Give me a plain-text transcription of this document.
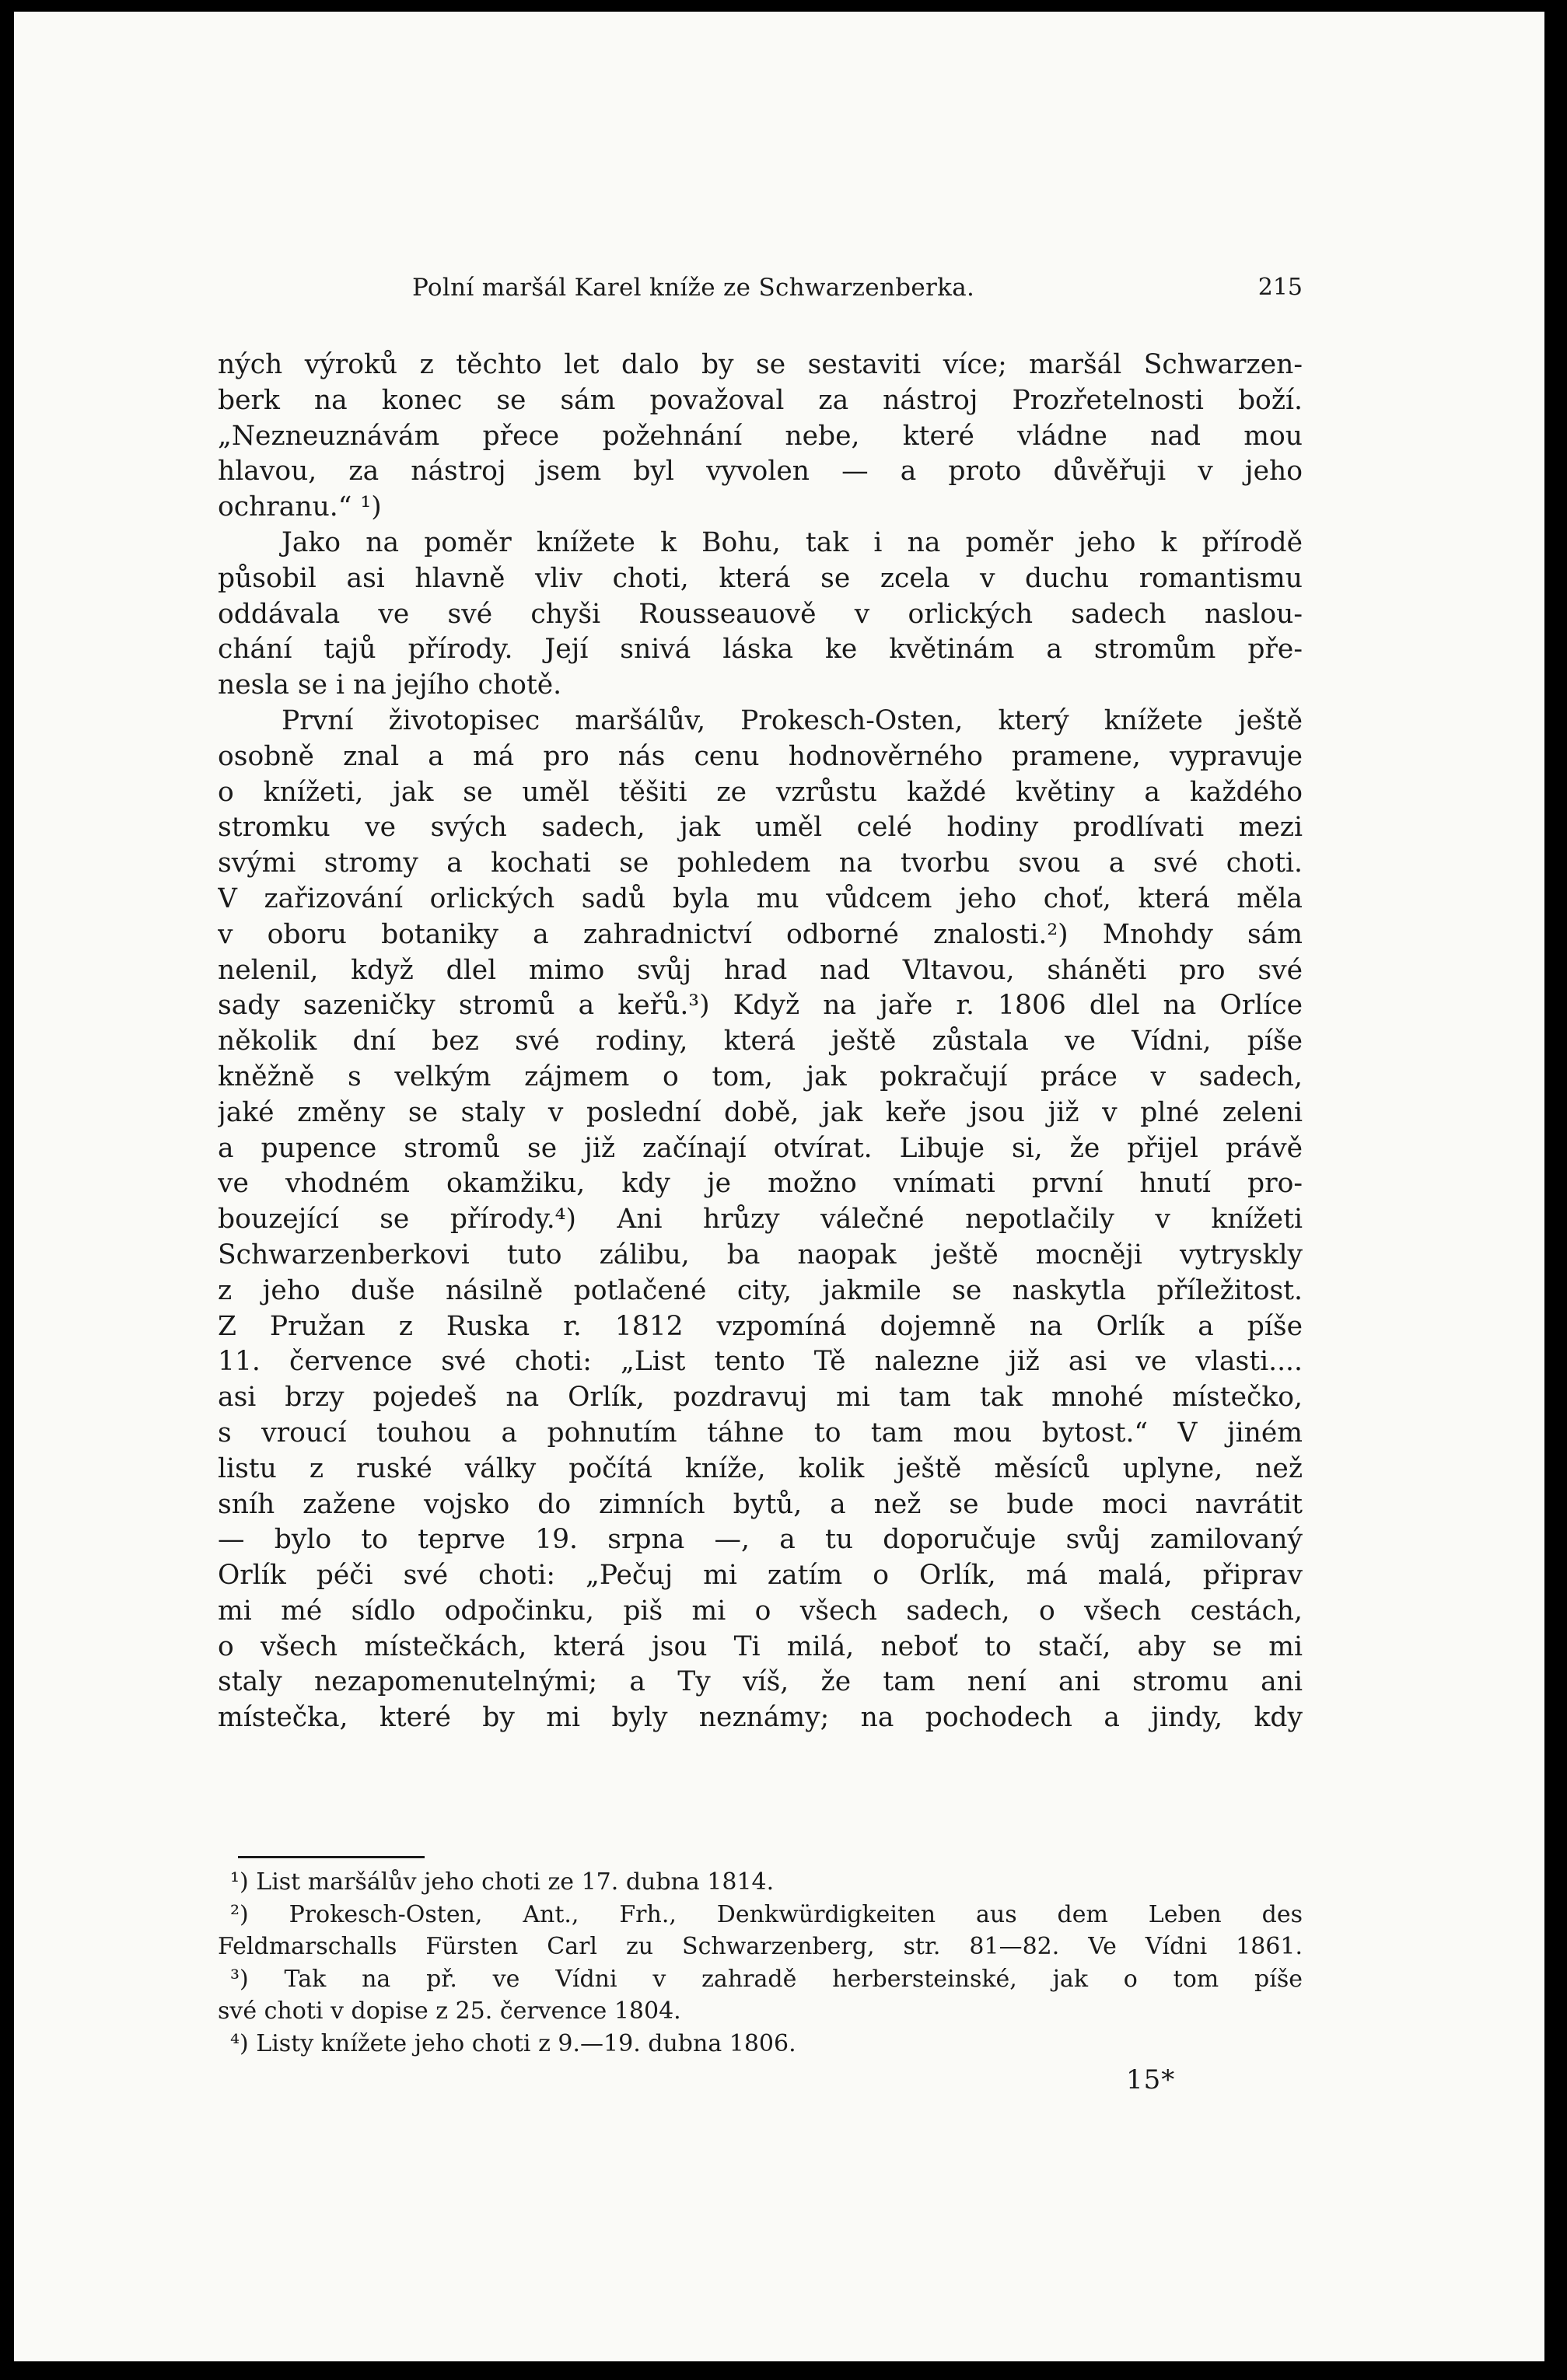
Polní maršál Karel kníže ze Schwarzenberka.	215
ných výroků z těchto let dalo by se sestaviti více; maršál Schwarzen-
berk na konec se sám považoval za nástroj Prozřetelnosti boží.
„Nezneuznávám přece požehnání nebe, které vládne nad mou
hlavou, za nástroj jsem byl vyvolen — a proto důvěřuji v jeho
ochranu.“ ¹)
Jako na poměr knížete k Bohu, tak i na poměr jeho k přírodě
působil asi hlavně vliv choti, která se zcela v duchu romantismu
oddávala ve své chyši Rousseauově v orlických sadech naslou-
chání tajů přírody. Její snivá láska ke květinám a stromům pře-
nesla se i na jejího chotě.
První životopisec maršálův, Prokesch-Osten, který knížete ještě
osobně znal a má pro nás cenu hodnověrného pramene, vypravuje
o knížeti, jak se uměl těšiti ze vzrůstu každé květiny a každého
stromku ve svých sadech, jak uměl celé hodiny prodlívati mezi
svými stromy a kochati se pohledem na tvorbu svou a své choti.
V zařizování orlických sadů byla mu vůdcem jeho choť, která měla
v oboru botaniky a zahradnictví odborné znalosti.²) Mnohdy sám
nelenil, když dlel mimo svůj hrad nad Vltavou, sháněti pro své
sady sazeničky stromů a keřů.³) Když na jaře r. 1806 dlel na Orlíce
několik dní bez své rodiny, která ještě zůstala ve Vídni, píše
kněžně s velkým zájmem o tom, jak pokračují práce v sadech,
jaké změny se staly v poslední době, jak keře jsou již v plné zeleni
a pupence stromů se již začínají otvírat. Libuje si, že přijel právě
ve vhodném okamžiku, kdy je možno vnímati první hnutí pro-
bouzející se přírody.⁴) Ani hrůzy válečné nepotlačily v knížeti
Schwarzenberkovi tuto zálibu, ba naopak ještě mocněji vytryskly
z jeho duše násilně potlačené city, jakmile se naskytla příležitost.
Z Pružan z Ruska r. 1812 vzpomíná dojemně na Orlík a píše
11. července své choti: „List tento Tě nalezne již asi ve vlasti....
asi brzy pojedeš na Orlík, pozdravuj mi tam tak mnohé místečko,
s vroucí touhou a pohnutím táhne to tam mou bytost.“ V jiném
listu z ruské války počítá kníže, kolik ještě měsíců uplyne, než
sníh zažene vojsko do zimních bytů, a než se bude moci navrátit
— bylo to teprve 19. srpna —, a tu doporučuje svůj zamilovaný
Orlík péči své choti: „Pečuj mi zatím o Orlík, má malá, připrav
mi mé sídlo odpočinku, piš mi o všech sadech, o všech cestách,
o všech místečkách, která jsou Ti milá, neboť to stačí, aby se mi
staly nezapomenutelnými; a Ty víš, že tam není ani stromu ani
místečka, které by mi byly neznámy; na pochodech a jindy, kdy
¹) List maršálův jeho choti ze 17. dubna 1814.
²) Prokesch-Osten, Ant., Frh., Denkwürdigkeiten aus dem Leben des
Feldmarschalls Fürsten Carl zu Schwarzenberg, str. 81—82. Ve Vídni 1861.
³) Tak na př. ve Vídni v zahradě herbersteinské, jak o tom píše
své choti v dopise z 25. července 1804.
⁴) Listy knížete jeho choti z 9.—19. dubna 1806.
15*
